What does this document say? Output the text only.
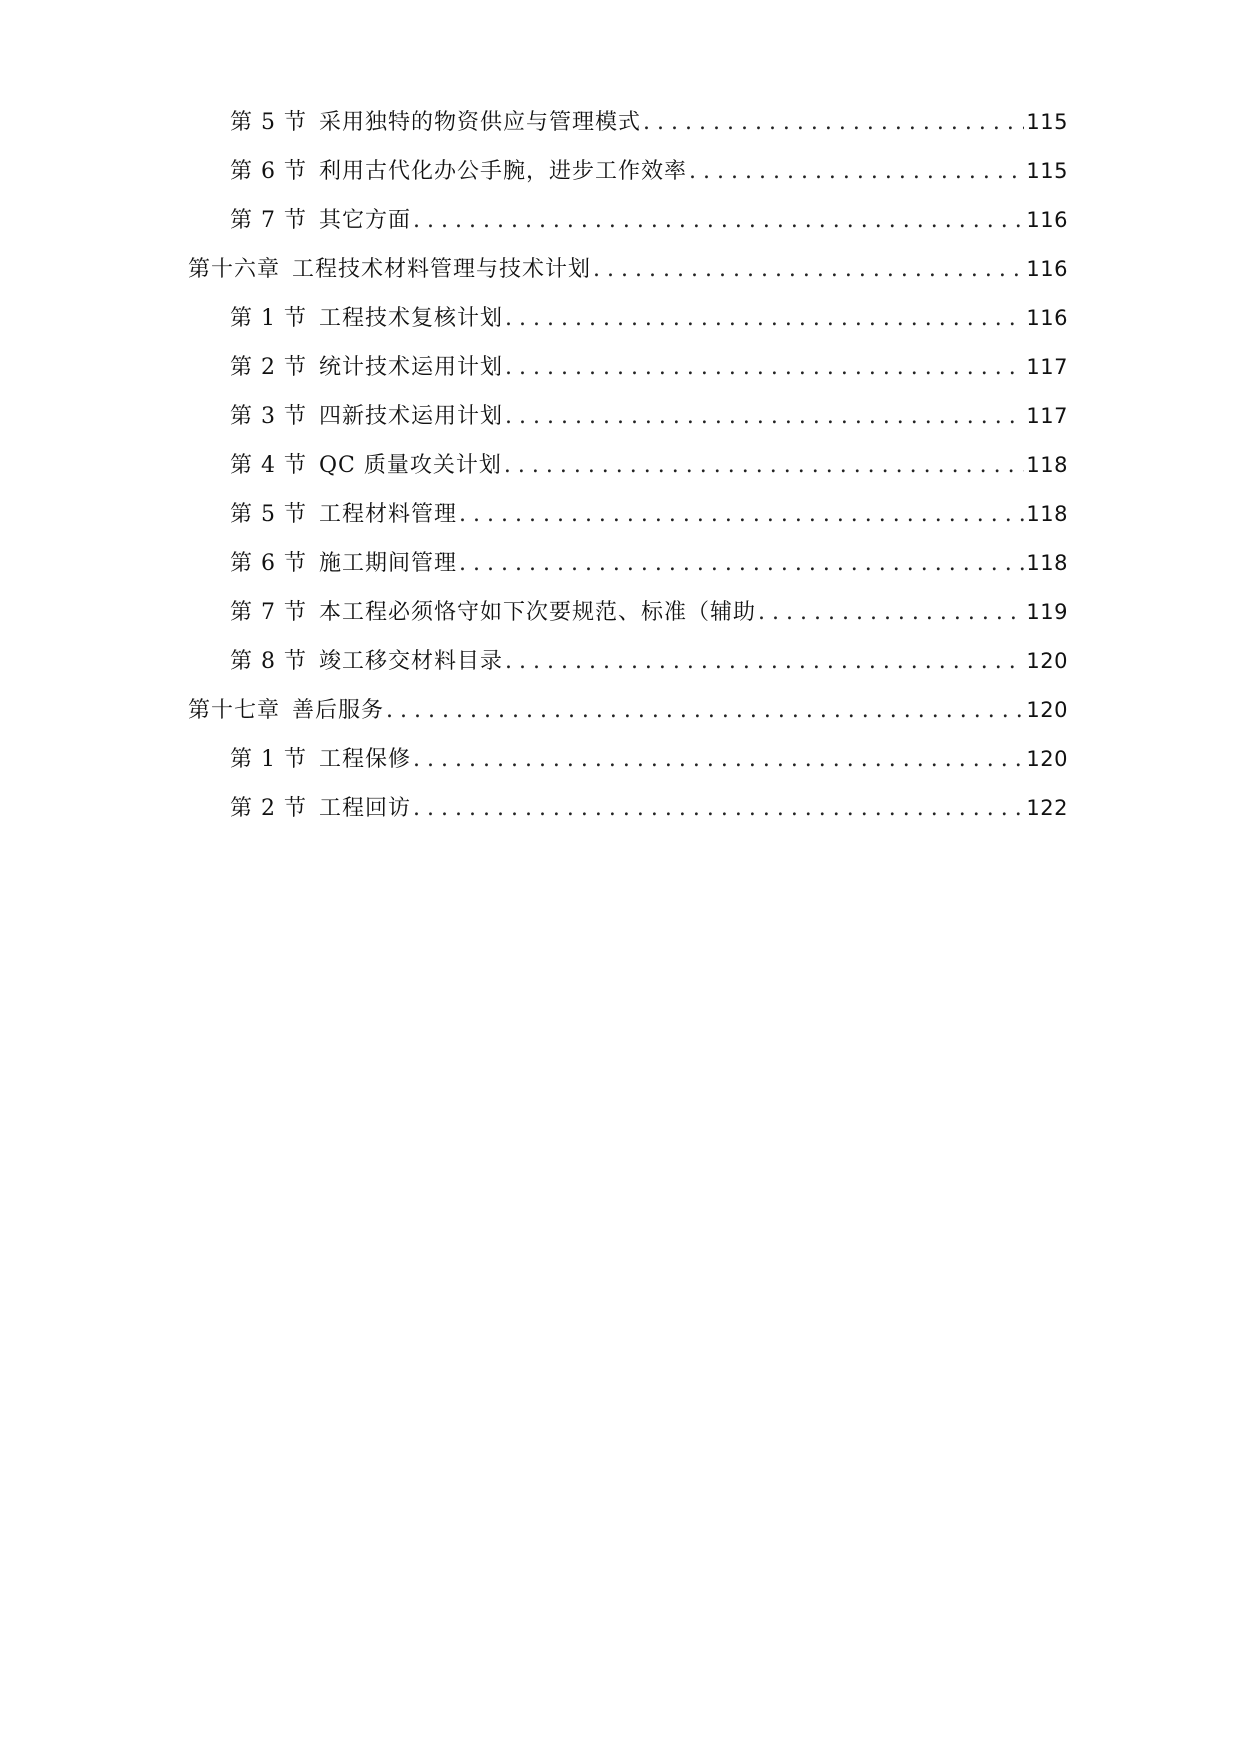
第 5 节 采用独特的物资供应与管理模式 .....	115
第 6 节 利用古代化办公手腕，进步工作效率 .....	115
第 7 节 其它方面 .....	116
第十六章 工程技术材料管理与技术计划 .....	116
第 1 节 工程技术复核计划 .....	116
第 2 节 统计技术运用计划 .....	117
第 3 节 四新技术运用计划 .....	117
第 4 节 QC 质量攻关计划 .....	118
第 5 节 工程材料管理 .....	118
第 6 节 施工期间管理 .....	118
第 7 节 本工程必须恪守如下次要规范、标准（辅助 .....	119
第 8 节 竣工移交材料目录 .....	120
第十七章 善后服务 .....	120
第 1 节 工程保修 .....	120
第 2 节 工程回访 .....	122
